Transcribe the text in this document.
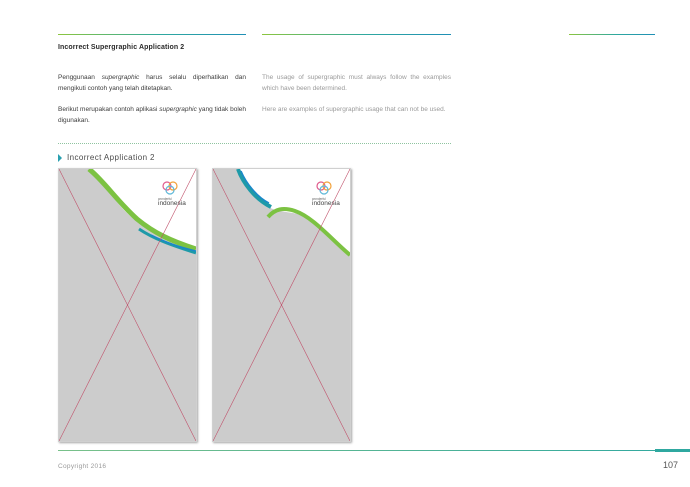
Incorrect Supergraphic Application 2
Penggunaan supergraphic harus selalu diperhatikan dan mengikuti contoh yang telah ditetapkan.
Berikut merupakan contoh aplikasi supergraphic yang tidak boleh digunakan.
The usage of supergraphic must always follow the examples which have been determined.
Here are examples of supergraphic usage that can not be used.
Incorrect Application 2
wonderful
indonesia
wonderful
indonesia
Copyright 2016	107
